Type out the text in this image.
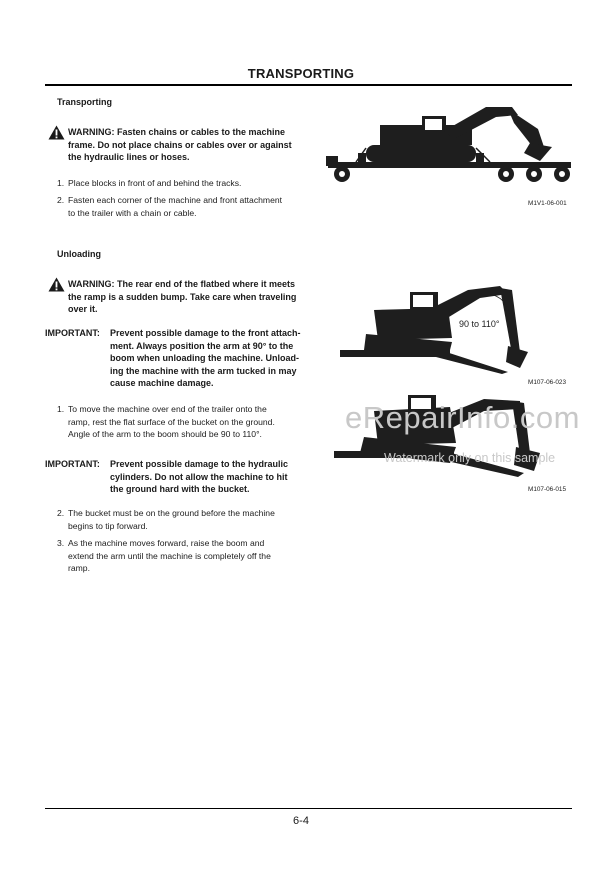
TRANSPORTING
Transporting
WARNING: Fasten chains or cables to the machine
frame. Do not place chains or cables over or against
the hydraulic lines or hoses.
1. Place blocks in front of and behind the tracks.
2. Fasten each corner of the machine and front attachment
to the trailer with a chain or cable.
M1V1-06-001
Unloading
WARNING: The rear end of the flatbed where it meets
the ramp is a sudden bump. Take care when traveling
over it.
IMPORTANT: Prevent possible damage to the front attach-
ment. Always position the arm at 90° to the
boom when unloading the machine. Unload-
ing the machine with the arm tucked in may
cause machine damage.
1. To move the machine over end of the trailer onto the
ramp, rest the flat surface of the bucket on the ground.
Angle of the arm to the boom should be 90 to 110°.
IMPORTANT: Prevent possible damage to the hydraulic
cylinders. Do not allow the machine to hit
the ground hard with the bucket.
2. The bucket must be on the ground before the machine
begins to tip forward.
3. As the machine moves forward, raise the boom and
extend the arm until the machine is completely off the
ramp.
90 to 110°
M107-06-023
eRepairInfo.com
Watermark only on this sample
M107-06-015
6-4
